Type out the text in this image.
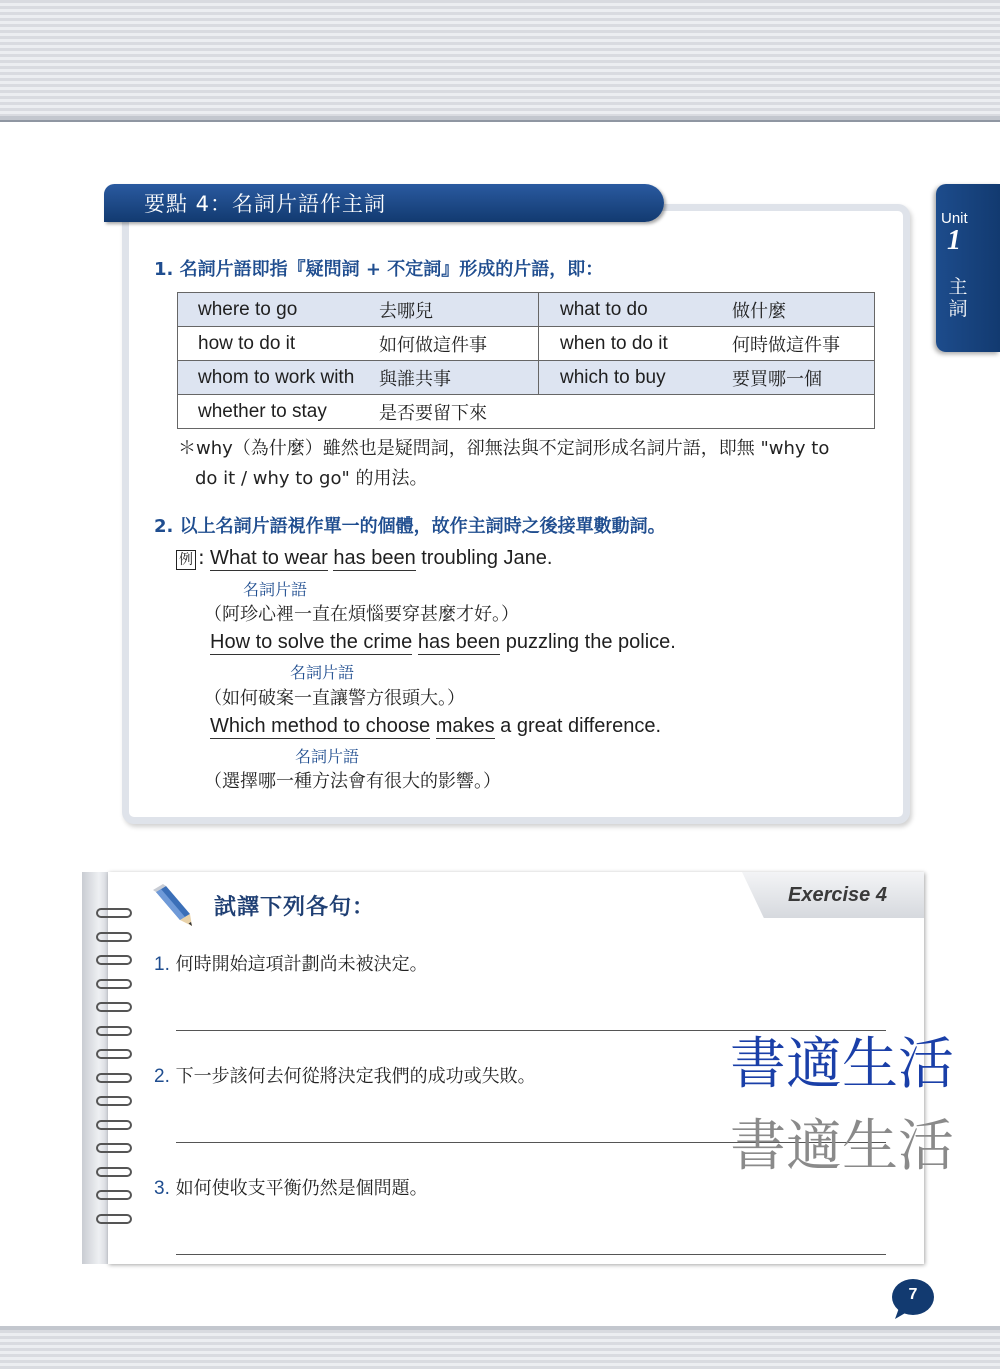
Unit
1
主詞
要點 4：名詞片語作主詞
1. 名詞片語即指『疑問詞 + 不定詞』形成的片語，即：
where to go 去哪兒	what to do 做什麼

how to do it 如何做這件事	when to do it 何時做這件事

whom to work with 與誰共事	which to buy 要買哪一個

whether to stay 是否要留下來	
＊why（為什麼）雖然也是疑問詞，卻無法與不定詞形成名詞片語，即無 "why to
do it / why to go" 的用法。
2. 以上名詞片語視作單一的個體，故作主詞時之後接單數動詞。
例 : What to wear has been troubling Jane.
名詞片語
（阿珍心裡一直在煩惱要穿甚麼才好。）
How to solve the crime has been puzzling the police.
名詞片語
（如何破案一直讓警方很頭大。）
Which method to choose makes a great difference.
名詞片語
（選擇哪一種方法會有很大的影響。）
Exercise 4
試譯下列各句：
1. 何時開始這項計劃尚未被決定。
2. 下一步該何去何從將決定我們的成功或失敗。
3. 如何使收支平衡仍然是個問題。
書適生活
書適生活
7
